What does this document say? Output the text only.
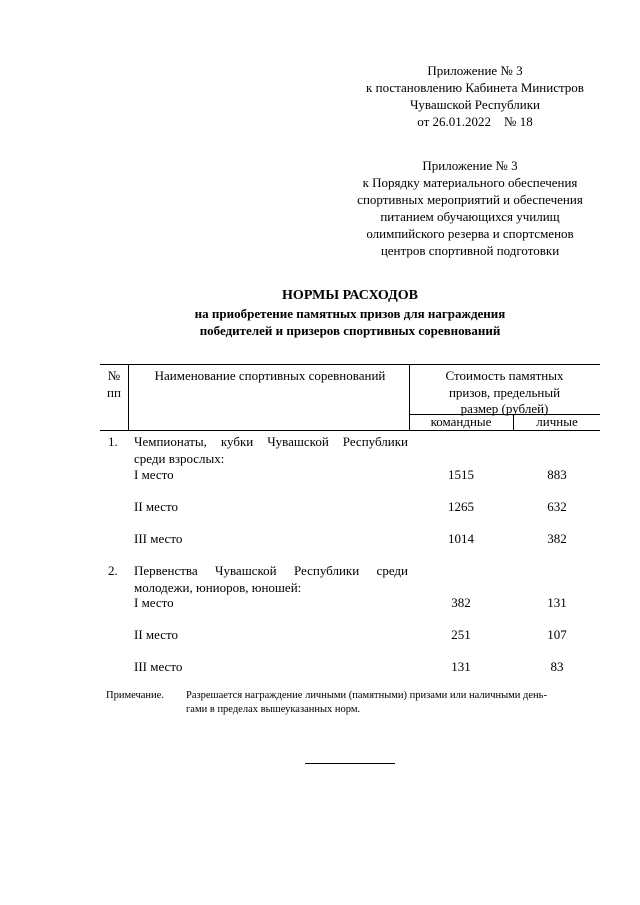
Приложение № 3
к постановлению Кабинета Министров
Чувашской Республики
от 26.01.2022    № 18
Приложение № 3
к Порядку материального обеспечения
спортивных мероприятий и обеспечения
питанием обучающихся училищ
олимпийского резерва и спортсменов
центров спортивной подготовки
НОРМЫ РАСХОДОВ
на приобретение памятных призов для награждения
победителей и призеров спортивных соревнований
№
пп
Наименование спортивных соревнований	Стоимость памятных
призов, предельный
размер (рублей)
командные	личные
1. Чемпионаты, кубки Чувашской Республики
среди взрослых:
I место	1515	883
II место	1265	632
III место	1014	382
2. Первенства Чувашской Республики среди
молодежи, юниоров, юношей:
I место	382	131
II место	251	107
III место	131	83
Примечание. Разрешается награждение личными (памятными) призами или наличными день-
гами в пределах вышеуказанных норм.
